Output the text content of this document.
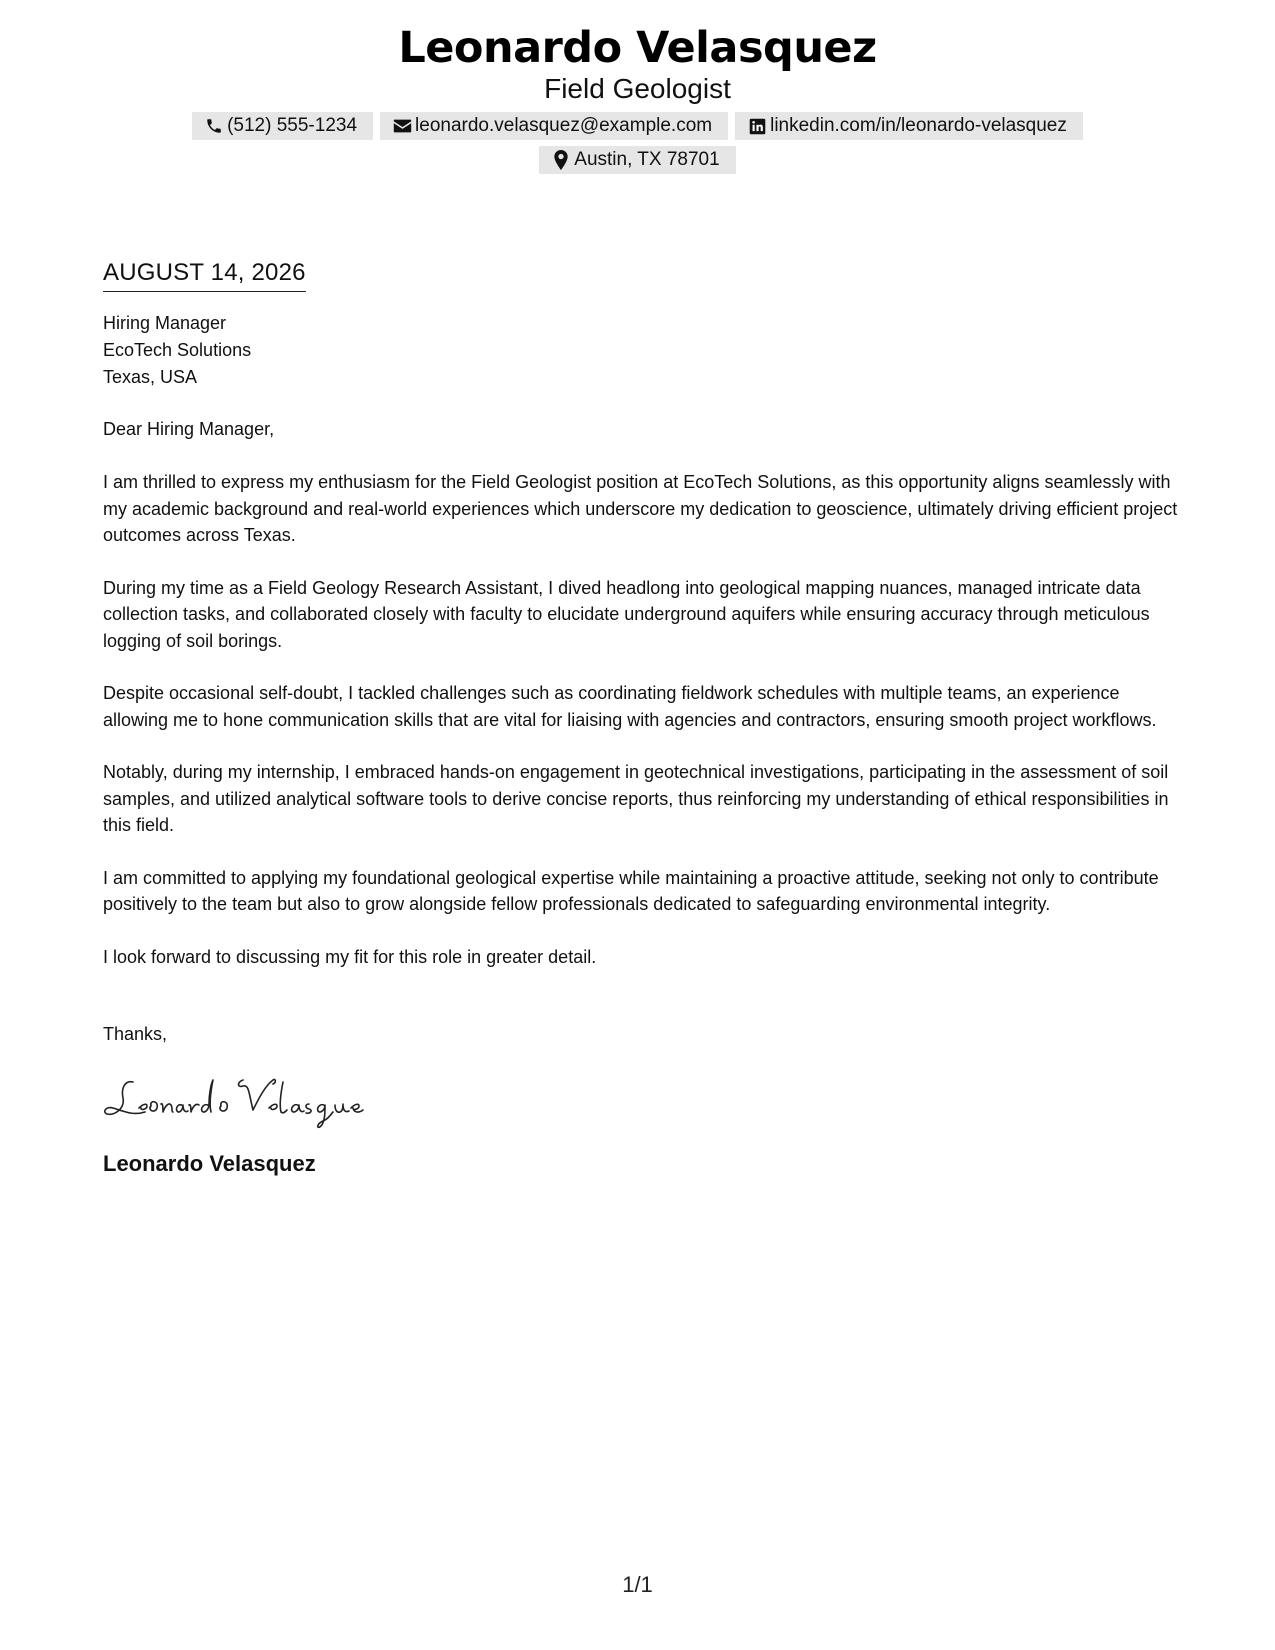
Leonardo Velasquez
Field Geologist
(512) 555-1234	leonardo.velasquez@example.com	linkedin.com/in/leonardo-velasquez
Austin, TX 78701
AUGUST 14, 2026
Hiring Manager
EcoTech Solutions
Texas, USA
Dear Hiring Manager,
I am thrilled to express my enthusiasm for the Field Geologist position at EcoTech Solutions, as this opportunity aligns seamlessly with my academic background and real-world experiences which underscore my dedication to geoscience, ultimately driving efficient project outcomes across Texas.
During my time as a Field Geology Research Assistant, I dived headlong into geological mapping nuances, managed intricate data collection tasks, and collaborated closely with faculty to elucidate underground aquifers while ensuring accuracy through meticulous logging of soil borings.
Despite occasional self-doubt, I tackled challenges such as coordinating fieldwork schedules with multiple teams, an experience allowing me to hone communication skills that are vital for liaising with agencies and contractors, ensuring smooth project workflows.
Notably, during my internship, I embraced hands-on engagement in geotechnical investigations, participating in the assessment of soil samples, and utilized analytical software tools to derive concise reports, thus reinforcing my understanding of ethical responsibilities in this field.
I am committed to applying my foundational geological expertise while maintaining a proactive attitude, seeking not only to contribute positively to the team but also to grow alongside fellow professionals dedicated to safeguarding environmental integrity.
I look forward to discussing my fit for this role in greater detail.
Thanks,
Leonardo Velasquez
1/1
